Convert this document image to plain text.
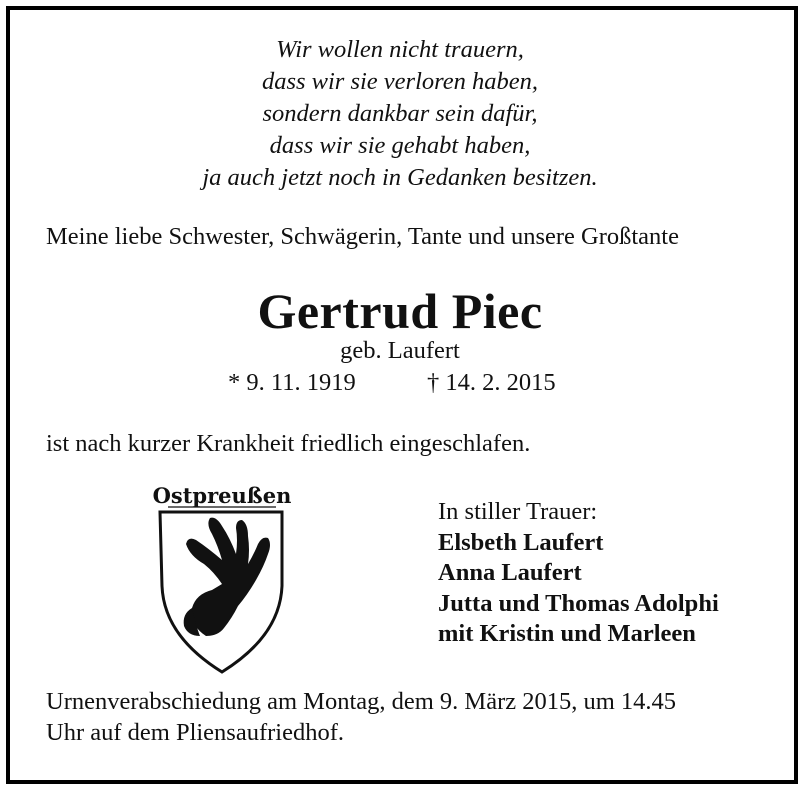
Wir wollen nicht trauern,
dass wir sie verloren haben,
sondern dankbar sein dafür,
dass wir sie gehabt haben,
ja auch jetzt noch in Gedanken besitzen.
Meine liebe Schwester, Schwägerin, Tante und unsere Großtante
Gertrud Piec
geb. Laufert
* 9. 11. 1919	† 14. 2. 2015
ist nach kurzer Krankheit friedlich eingeschlafen.
Ostpreußen
In stiller Trauer:
Elsbeth Laufert
Anna Laufert
Jutta und Thomas Adolphi
mit Kristin und Marleen
Urnenverabschiedung am Montag, dem 9. März 2015, um 14.45
Uhr auf dem Pliensaufriedhof.
